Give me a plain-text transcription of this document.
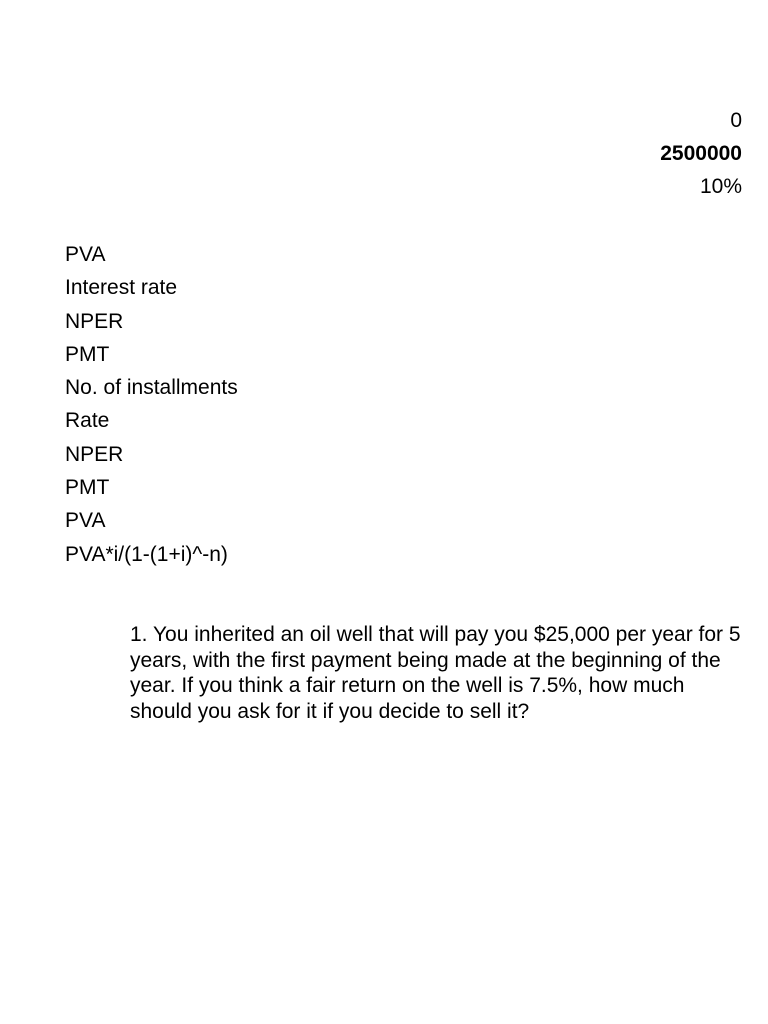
0
2500000
10%
PVA
Interest rate
NPER
PMT
No. of installments
Rate
NPER
PMT
PVA
PVA*i/(1-(1+i)^-n)

1. You inherited an oil well that will pay you $25,000 per year for 5 years, with the first payment being made at the beginning of the year. If you think a fair return on the well is 7.5%, how much should you ask for it if you decide to sell it?
